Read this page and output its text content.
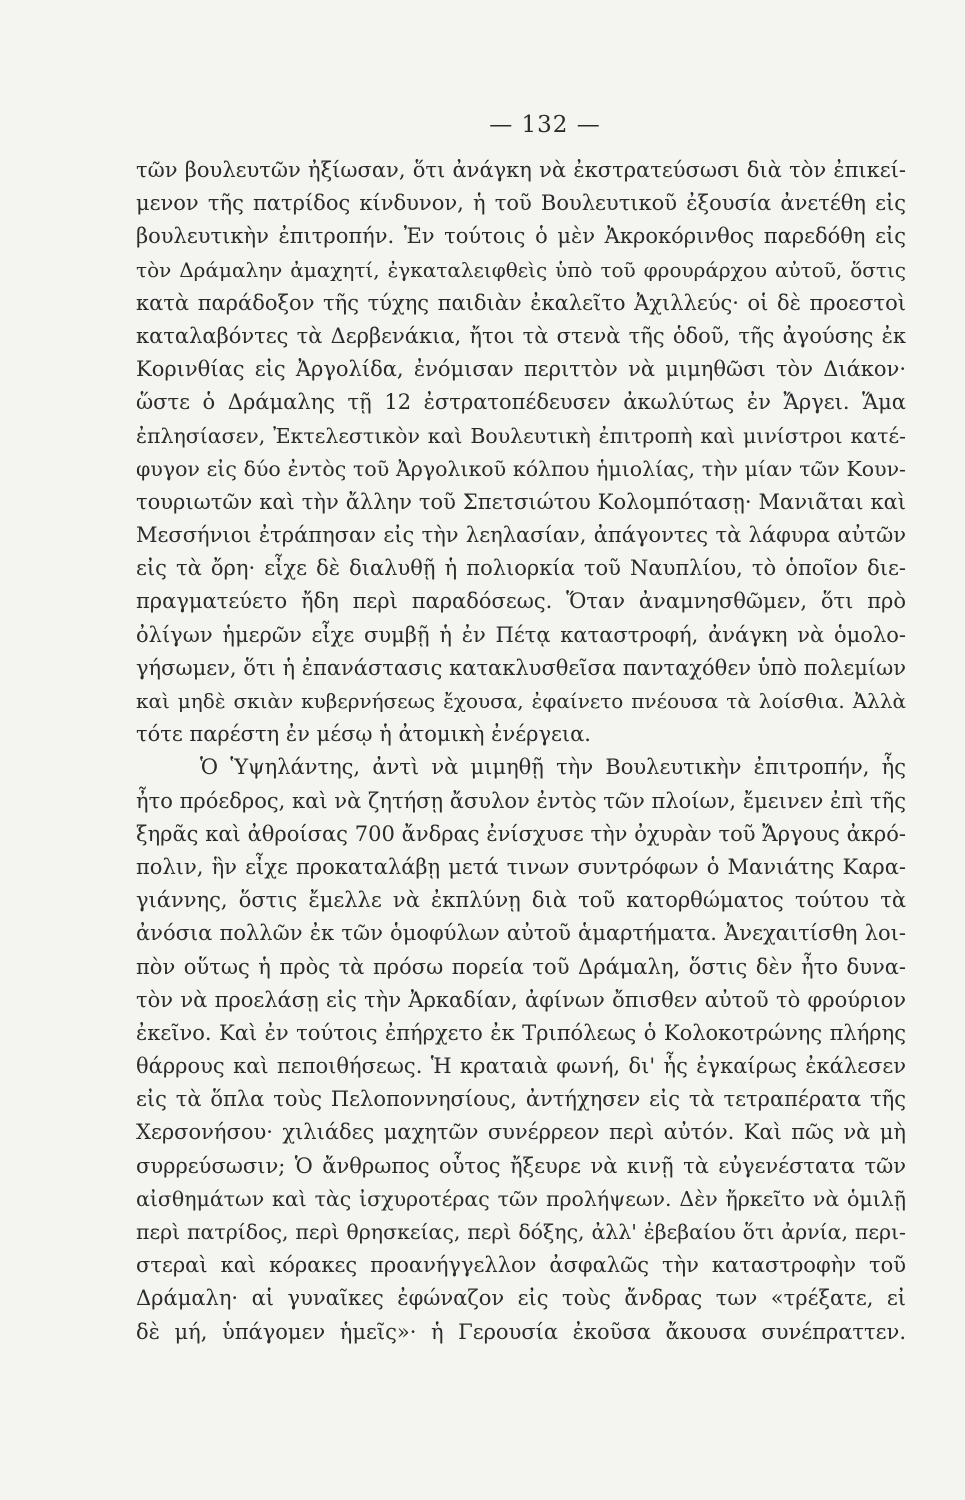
— 132 —
τῶν βουλευτῶν ἠξίωσαν, ὅτι ἀνάγκη νὰ ἐκστρατεύσωσι διὰ τὸν ἐπικεί-
μενον τῆς πατρίδος κίνδυνον, ἡ τοῦ Βουλευτικοῦ ἐξουσία ἀνετέθη εἰς
βουλευτικὴν ἐπιτροπήν. Ἐν τούτοις ὁ μὲν Ἀκροκόρινθος παρεδόθη εἰς
τὸν Δράμαλην ἀμαχητί, ἐγκαταλειφθεὶς ὑπὸ τοῦ φρουράρχου αὐτοῦ, ὅστις
κατὰ παράδοξον τῆς τύχης παιδιὰν ἐκαλεῖτο Ἀχιλλεύς· οἱ δὲ προεστοὶ
καταλαβόντες τὰ Δερβενάκια, ἤτοι τὰ στενὰ τῆς ὁδοῦ, τῆς ἀγούσης ἐκ
Κορινθίας εἰς Ἀργολίδα, ἐνόμισαν περιττὸν νὰ μιμηθῶσι τὸν Διάκον·
ὥστε ὁ Δράμαλης τῇ 12 ἐστρατοπέδευσεν ἀκωλύτως ἐν Ἄργει. Ἅμα
ἐπλησίασεν, Ἐκτελεστικὸν καὶ Βουλευτικὴ ἐπιτροπὴ καὶ μινίστροι κατέ-
φυγον εἰς δύο ἐντὸς τοῦ Ἀργολικοῦ κόλπου ἡμιολίας, τὴν μίαν τῶν Κουν-
τουριωτῶν καὶ τὴν ἄλλην τοῦ Σπετσιώτου Κολομπότασῃ· Μανιᾶται καὶ
Μεσσήνιοι ἐτράπησαν εἰς τὴν λεηλασίαν, ἀπάγοντες τὰ λάφυρα αὐτῶν
εἰς τὰ ὄρη· εἶχε δὲ διαλυθῇ ἡ πολιορκία τοῦ Ναυπλίου, τὸ ὁποῖον διε-
πραγματεύετο ἤδη περὶ παραδόσεως. Ὅταν ἀναμνησθῶμεν, ὅτι πρὸ
ὀλίγων ἡμερῶν εἶχε συμβῇ ἡ ἐν Πέτᾳ καταστροφή, ἀνάγκη νὰ ὁμολο-
γήσωμεν, ὅτι ἡ ἐπανάστασις κατακλυσθεῖσα πανταχόθεν ὑπὸ πολεμίων
καὶ μηδὲ σκιὰν κυβερνήσεως ἔχουσα, ἐφαίνετο πνέουσα τὰ λοίσθια. Ἀλλὰ
τότε παρέστη ἐν μέσῳ ἡ ἀτομικὴ ἐνέργεια.
Ὁ Ὑψηλάντης, ἀντὶ νὰ μιμηθῇ τὴν Βουλευτικὴν ἐπιτροπήν, ἧς
ἦτο πρόεδρος, καὶ νὰ ζητήσῃ ἄσυλον ἐντὸς τῶν πλοίων, ἔμεινεν ἐπὶ τῆς
ξηρᾶς καὶ ἀθροίσας 700 ἄνδρας ἐνίσχυσε τὴν ὀχυρὰν τοῦ Ἄργους ἀκρό-
πολιν, ἣν εἶχε προκαταλάβῃ μετά τινων συντρόφων ὁ Μανιάτης Καρα-
γιάννης, ὅστις ἔμελλε νὰ ἐκπλύνῃ διὰ τοῦ κατορθώματος τούτου τὰ
ἀνόσια πολλῶν ἐκ τῶν ὁμοφύλων αὐτοῦ ἁμαρτήματα. Ἀνεχαιτίσθη λοι-
πὸν οὕτως ἡ πρὸς τὰ πρόσω πορεία τοῦ Δράμαλη, ὅστις δὲν ἦτο δυνα-
τὸν νὰ προελάσῃ εἰς τὴν Ἀρκαδίαν, ἀφίνων ὄπισθεν αὐτοῦ τὸ φρούριον
ἐκεῖνο. Καὶ ἐν τούτοις ἐπήρχετο ἐκ Τριπόλεως ὁ Κολοκοτρώνης πλήρης
θάρρους καὶ πεποιθήσεως. Ἡ κραταιὰ φωνή, δι' ἧς ἐγκαίρως ἐκάλεσεν
εἰς τὰ ὅπλα τοὺς Πελοποννησίους, ἀντήχησεν εἰς τὰ τετραπέρατα τῆς
Χερσονήσου· χιλιάδες μαχητῶν συνέρρεον περὶ αὐτόν. Καὶ πῶς νὰ μὴ
συρρεύσωσιν; Ὁ ἄνθρωπος οὗτος ἤξευρε νὰ κινῇ τὰ εὐγενέστατα τῶν
αἰσθημάτων καὶ τὰς ἰσχυροτέρας τῶν προλήψεων. Δὲν ἤρκεῖτο νὰ ὁμιλῇ
περὶ πατρίδος, περὶ θρησκείας, περὶ δόξης, ἀλλ' ἐβεβαίου ὅτι ἀρνία, περι-
στεραὶ καὶ κόρακες προανήγγελλον ἀσφαλῶς τὴν καταστροφὴν τοῦ
Δράμαλη· αἱ γυναῖκες ἐφώναζον εἰς τοὺς ἄνδρας των «τρέξατε, εἰ
δὲ μή, ὑπάγομεν ἡμεῖς»· ἡ Γερουσία ἐκοῦσα ἄκουσα συνέπραττεν.
